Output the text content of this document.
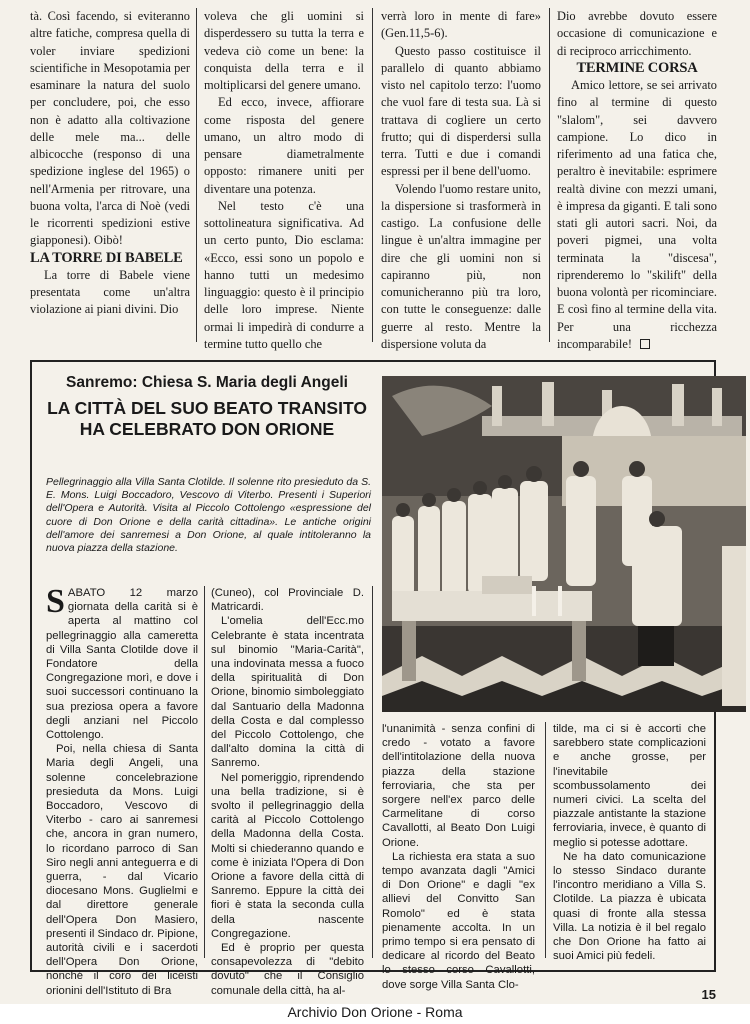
tà. Così facendo, si eviteranno altre fatiche, compresa quella di voler inviare spedizioni scientifiche in Mesopotamia per esaminare la natura del suolo per concludere, poi, che esso non è adatto alla coltivazione delle mele ma... delle albicocche (responso di una spedizione inglese del 1965) o nell'Armenia per ritrovare, una buona volta, l'arca di Noè (vedi le ricorrenti spedizioni estive giapponesi). Oibò!

LA TORRE DI BABELE

La torre di Babele viene presentata come un'altra violazione ai piani divini. Dio

voleva che gli uomini si disperdessero su tutta la terra e vedeva ciò come un bene: la conquista della terra e il moltiplicarsi del genere umano.

Ed ecco, invece, affiorare come risposta del genere umano, un altro modo di pensare diametralmente opposto: rimanere uniti per diventare una potenza.

Nel testo c'è una sottolineatura significativa. Ad un certo punto, Dio esclama: «Ecco, essi sono un popolo e hanno tutti un medesimo linguaggio: questo è il principio delle loro imprese. Niente ormai li impedirà di condurre a termine tutto quello che

verrà loro in mente di fare» (Gen.11,5-6).

Questo passo costituisce il parallelo di quanto abbiamo visto nel capitolo terzo: l'uomo che vuol fare di testa sua. Là si trattava di cogliere un certo frutto; qui di disperdersi sulla terra. Tutti e due i comandi espressi per il bene dell'uomo.

Volendo l'uomo restare unito, la dispersione si trasformerà in castigo. La confusione delle lingue è un'altra immagine per dire che gli uomini non si capiranno più, non comunicheranno più tra loro, con tutte le conseguenze: dalle guerre al resto. Mentre la dispersione voluta da

Dio avrebbe dovuto essere occasione di comunicazione e di reciproco arricchimento.

TERMINE CORSA

Amico lettore, se sei arrivato fino al termine di questo "slalom", sei davvero campione. Lo dico in riferimento ad una fatica che, peraltro è inevitabile: esprimere realtà divine con mezzi umani, è impresa da giganti. E tali sono stati gli autori sacri. Noi, da poveri pigmei, una volta terminata la "discesa", riprenderemo lo "skilift" della buona volontà per ricominciare. E così fino al termine della vita. Per una ricchezza incomparabile!

Sanremo: Chiesa S. Maria degli Angeli
LA CITTÀ DEL SUO BEATO TRANSITO HA CELEBRATO DON ORIONE
Pellegrinaggio alla Villa Santa Clotilde. Il solenne rito presieduto da S. E. Mons. Luigi Boccadoro, Vescovo di Viterbo. Presenti i Superiori dell'Opera e Autorità. Visita al Piccolo Cottolengo «espressione del cuore di Don Orione e della carità cittadina». Le antiche origini dell'amore dei sanremesi a Don Orione, al quale intitoleranno la nuova piazza della stazione.

SABATO 12 marzo giornata della carità si è aperta al mattino col pellegrinaggio alla cameretta di Villa Santa Clotilde dove il Fondatore della Congregazione morì, e dove i suoi successori continuano la sua preziosa opera a favore degli anziani nel Piccolo Cottolengo.

Poi, nella chiesa di Santa Maria degli Angeli, una solenne concelebrazione presieduta da Mons. Luigi Boccadoro, Vescovo di Viterbo - caro ai sanremesi che, ancora in gran numero, lo ricordano parroco di San Siro negli anni anteguerra e di guerra, - dal Vicario diocesano Mons. Guglielmi e dal direttore generale dell'Opera Don Masiero, presenti il Sindaco dr. Pipione, autorità civili e i sacerdoti dell'Opera Don Orione, nonché il coro dei liceisti orionini dell'Istituto di Bra

(Cuneo), col Provinciale D. Matricardi.

L'omelia dell'Ecc.mo Celebrante è stata incentrata sul binomio "Maria-Carità", una indovinata messa a fuoco della spiritualità di Don Orione, binomio simboleggiato dal Santuario della Madonna della Costa e dal complesso del Piccolo Cottolengo, che dall'alto domina la città di Sanremo.

Nel pomeriggio, riprendendo una bella tradizione, si è svolto il pellegrinaggio della carità al Piccolo Cottolengo della Madonna della Costa. Molti si chiederanno quando e come è iniziata l'Opera di Don Orione a favore della città di Sanremo. Eppure la città dei fiori è stata la seconda culla della nascente Congregazione.

Ed è proprio per questa consapevolezza di "debito dovuto" che il Consiglio comunale della città, ha al-

l'unanimità - senza confini di credo - votato a favore dell'intitolazione della nuova piazza della stazione ferroviaria, che sta per sorgere nell'ex parco delle Carmelitane di corso Cavallotti, al Beato Don Luigi Orione.

La richiesta era stata a suo tempo avanzata dagli "Amici di Don Orione" e dagli "ex allievi del Convitto San Romolo" ed è stata pienamente accolta. In un primo tempo si era pensato di dedicare al ricordo del Beato lo stesso corso Cavallotti, dove sorge Villa Santa Clo-

tilde, ma ci si è accorti che sarebbero state complicazioni e anche grosse, per l'inevitabile scombussolamento dei numeri civici. La scelta del piazzale antistante la stazione ferroviaria, invece, è quanto di meglio si potesse adottare.

Ne ha dato comunicazione lo stesso Sindaco durante l'incontro meridiano a Villa S. Clotilde. La piazza è ubicata quasi di fronte alla stessa Villa. La notizia è il bel regalo che Don Orione ha fatto ai suoi Amici più fedeli.

15
Archivio Don Orione - Roma
